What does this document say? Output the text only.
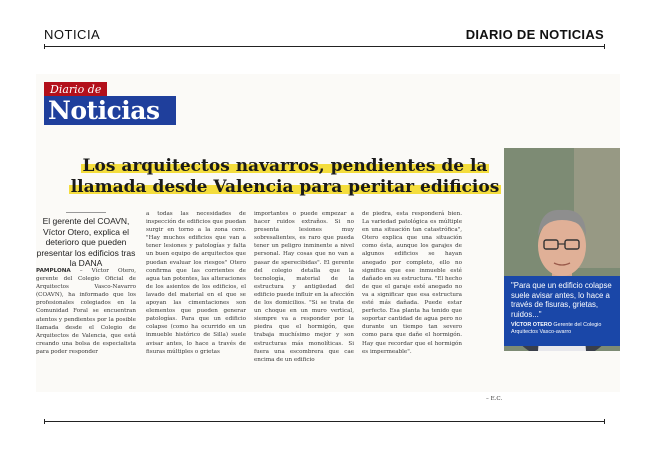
NOTICIA	DIARIO DE NOTICIAS
Diario de
Noticias
Los arquitectos navarros, pendientes de la
llamada desde Valencia para peritar edificios
El gerente del COAVN, Víctor Otero, explica el deterioro que pueden presentar los edificios tras la DANA
PAMPLONA – Víctor Otero, gerente del Colegio Oficial de Arquitectos Vasco-Navarro (COAVN), ha informado que los profesionales colegiados en la Comunidad Foral se encuentran atentos y pendientes por la posible llamada desde el Colegio de Arquitectos de Valencia, que está creando una bolsa de especialista para poder responder
a todas las necesidades de inspección de edificios que puedan surgir en torno a la zona cero. "Hay muchos edificios que van a tener lesiones y patologías y falta un buen equipo de arquitectos que puedan evaluar los riesgos" Otero confirma que las corrientes de agua tan potentes, las alteraciones de los asientos de los edificios, el lavado del material en el que se apoyan las cimentaciones son elementos que pueden generar patologías. Para que un edificio colapse (como ha ocurrido en un inmueble histórico de Silla) suele avisar antes, lo hace a través de fisuras múltiples o grietas
importantes o puede empezar a hacer ruidos extraños. Si no presenta lesiones muy sobresalientes, es raro que pueda tener un peligro inminente a nivel personal. Hay cosas que no van a pasar de sperecibidas". El gerente del colegio detalla que la tecnología, material de la estructura y antigüedad del edificio puede influir en la afección de los domicilios. "Si se trata de un choque en un muro vertical, siempre va a responder por la piedra que el hormigón, que trabaja muchísimo mejor y son estructuras más monolíticas. Si fuera una escombrera que cae encima de un edificio
de piedra, esta responderá bien. La variedad patológica es múltiple en una situación tan catastrófica", Otero explica que una situación como ésta, aunque los garajes de algunos edificios se hayan anegado por completo, ello no significa que ese inmueble esté dañado en su estructura. "El hecho de que el garaje esté anegado no va a significar que esa estructura esté más dañada. Puede estar perfecto. Esa planta ha tenido que soportar cantidad de agua pero no durante un tiempo tan severo como para que dañe el hormigón. Hay que recordar que el hormigón es impermeable".
– E.C.
"Para que un edificio colapse suele avisar antes, lo hace a través de fisuras, grietas, ruidos..."
VÍCTOR OTERO Gerente del Colegio Arquitectos Vasco-avarro
